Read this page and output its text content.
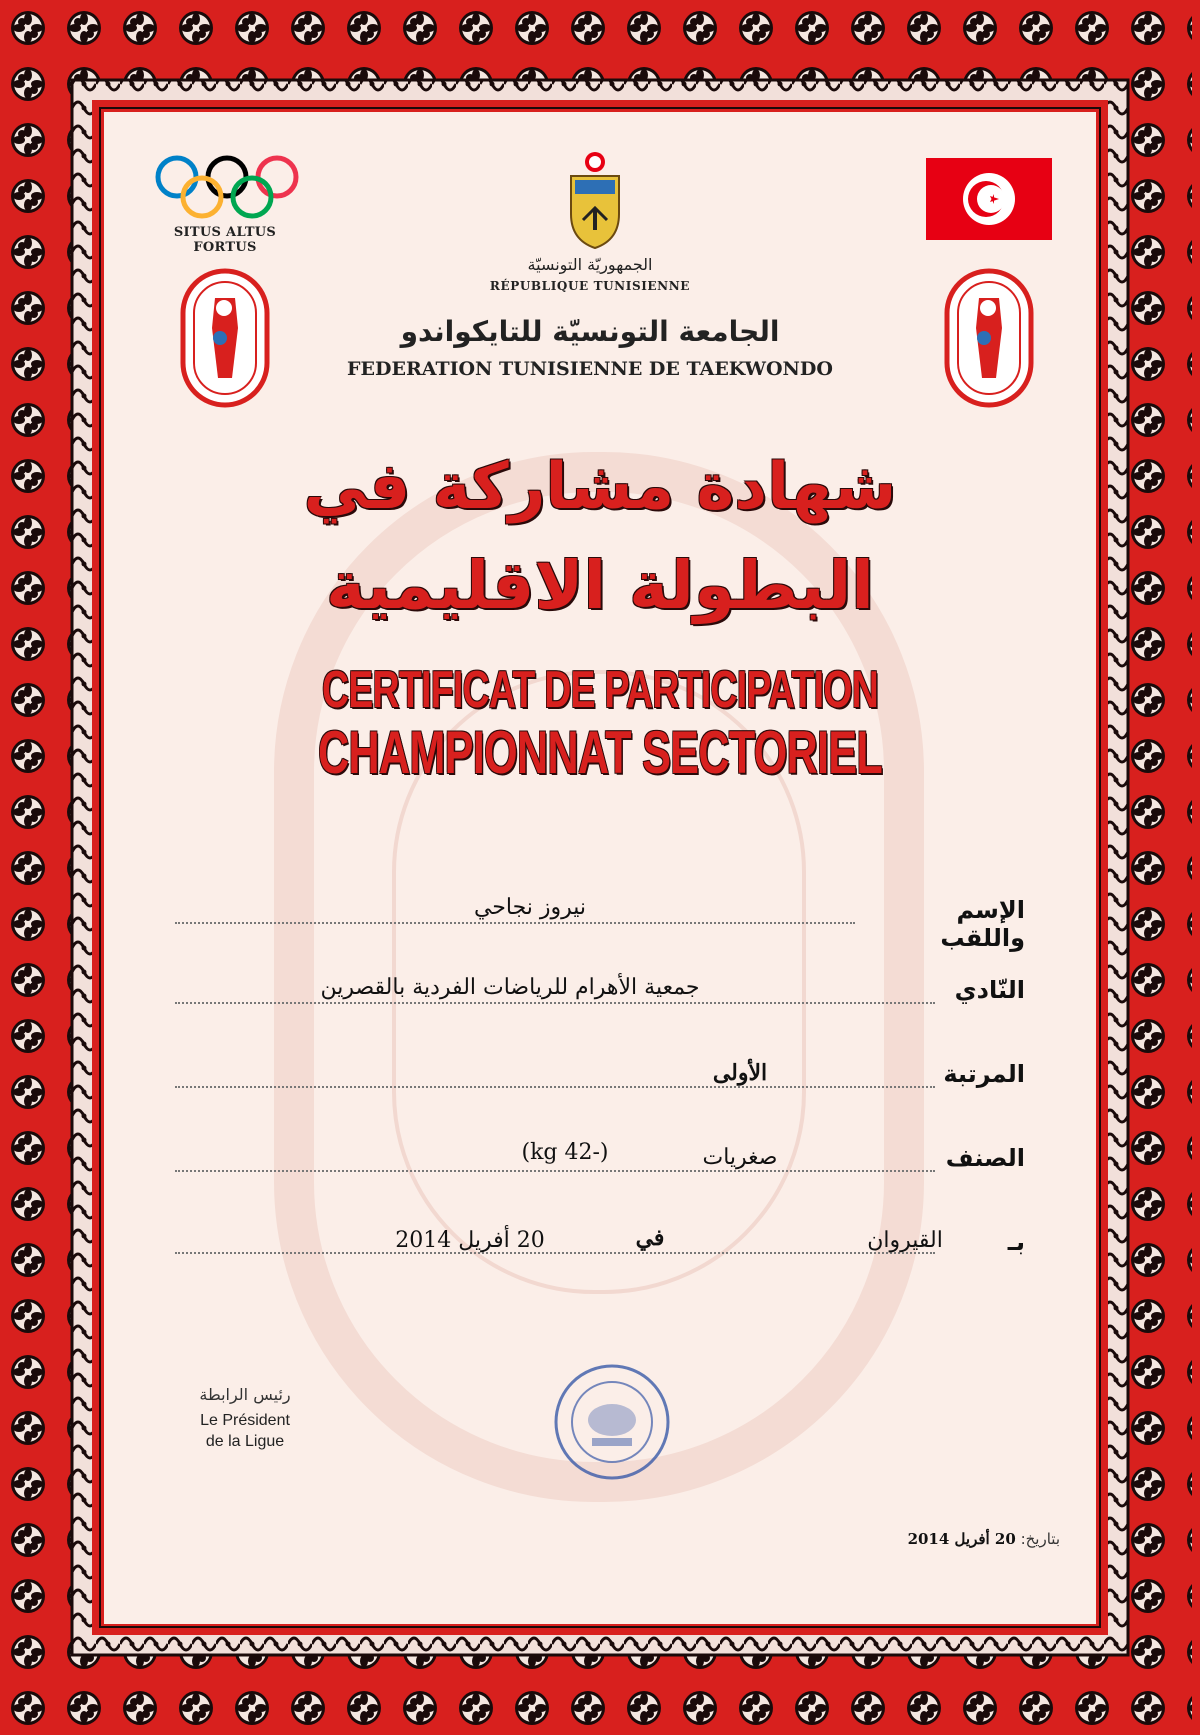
SITUS ALTUS FORTUS
الجمهوريّة التونسيّة
RÉPUBLIQUE TUNISIENNE
الجامعة التونسيّة للتايكواندو
FEDERATION TUNISIENNE DE TAEKWONDO
شهادة مشاركة في
البطولة الاقليمية
CERTIFICAT DE PARTICIPATION
CHAMPIONNAT SECTORIEL
الإسم واللقب
نيروز نجاحي
النّادي
جمعية الأهرام للرياضات الفردية بالقصرين
المرتبة
الأولى
الصنف
صغريات
(-42 kg)
بـ
القيروان
في
20 أفريل 2014
رئيس الرابطة
Le Président
de la Ligue
بتاريخ: 20 أفريل 2014
